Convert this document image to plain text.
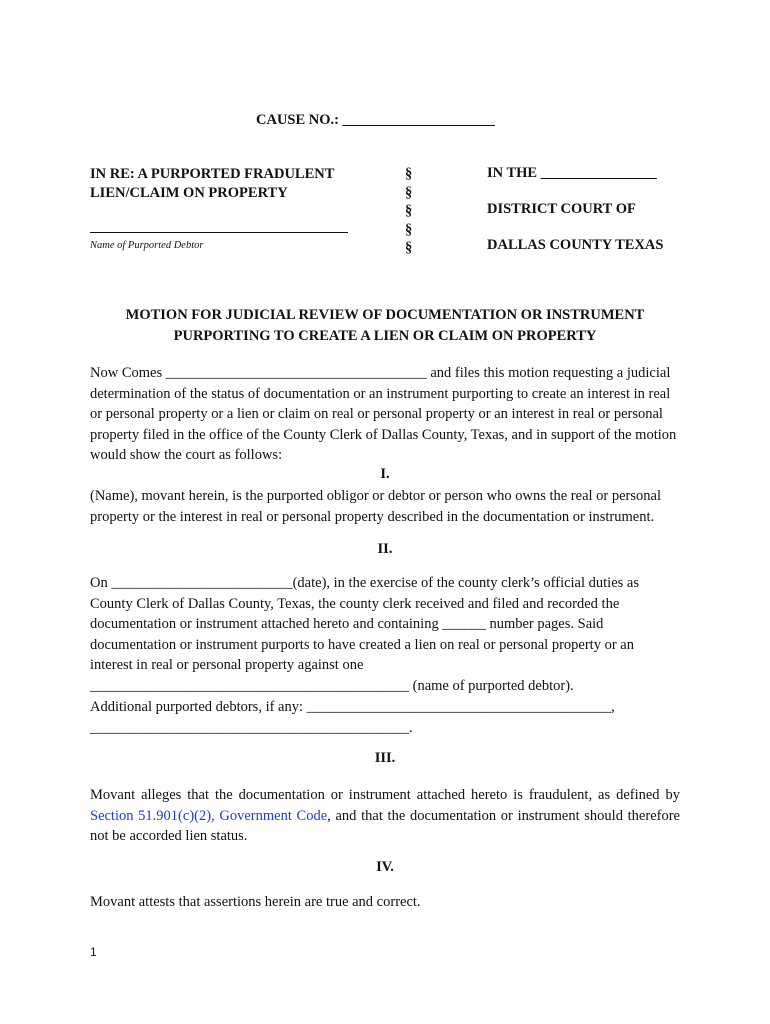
CAUSE NO.: _____________________
IN RE: A PURPORTED FRADULENT
LIEN/CLAIM ON PROPERTY
Name of Purported Debtor
§
§
§
§
§
IN THE ________________
DISTRICT COURT OF
DALLAS COUNTY TEXAS
MOTION FOR JUDICIAL REVIEW OF DOCUMENTATION OR INSTRUMENT
PURPORTING TO CREATE A LIEN OR CLAIM ON PROPERTY
Now Comes ____________________________________ and files this motion requesting a judicial determination of the status of documentation or an instrument purporting to create an interest in real or personal property or a lien or claim on real or personal property or an interest in real or personal property filed in the office of the County Clerk of Dallas County, Texas, and in support of the motion would show the court as follows:
I.
(Name), movant herein, is the purported obligor or debtor or person who owns the real or personal property or the interest in real or personal property described in the documentation or instrument.
II.
On _________________________(date), in the exercise of the county clerk’s official duties as County Clerk of Dallas County, Texas, the county clerk received and filed and recorded the documentation or instrument attached hereto and containing ______ number pages. Said documentation or instrument purports to have created a lien on real or personal property or an interest in real or personal property against one
____________________________________________ (name of purported debtor).
Additional purported debtors, if any: __________________________________________,
____________________________________________.
III.
Movant alleges that the documentation or instrument attached hereto is fraudulent, as defined by Section 51.901(c)(2), Government Code, and that the documentation or instrument should therefore not be accorded lien status.
IV.
Movant attests that assertions herein are true and correct.
1
